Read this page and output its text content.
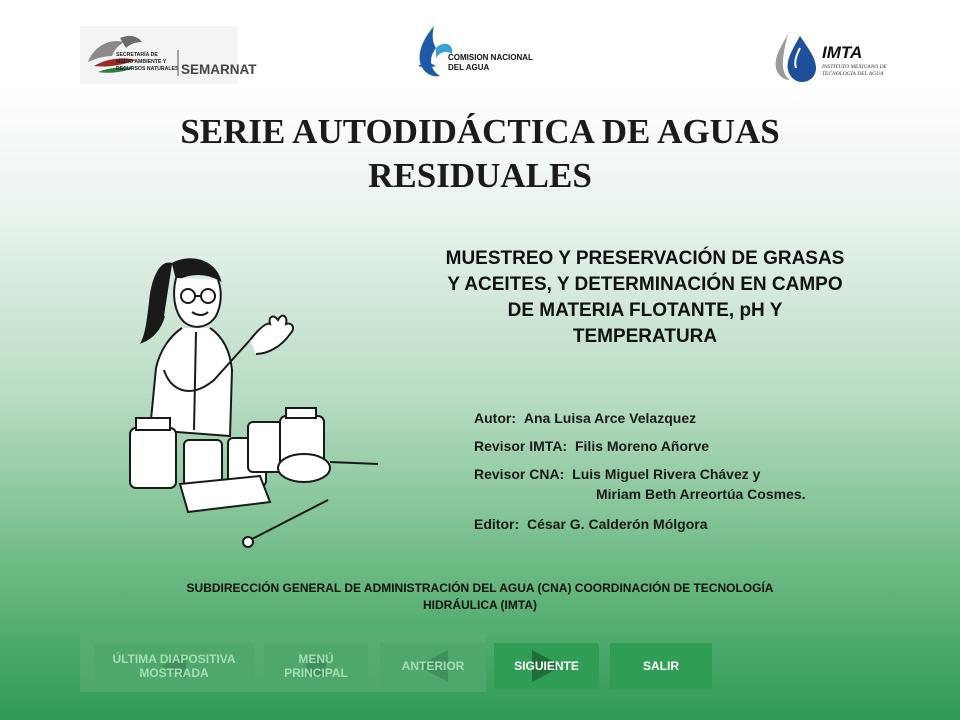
SECRETARÍA DE
MEDIO AMBIENTE Y
RECURSOS NATURALES SEMARNAT
COMISION NACIONAL
DEL AGUA
IMTA
INSTITUTO MEXICANO DE
TECNOLOGÍA DEL AGUA
SERIE AUTODIDÁCTICA DE AGUAS
RESIDUALES
MUESTREO Y PRESERVACIÓN DE GRASAS
Y ACEITES, Y DETERMINACIÓN EN CAMPO
DE MATERIA FLOTANTE, pH Y
TEMPERATURA
Autor: Ana Luisa Arce Velazquez
Revisor IMTA: Filis Moreno Añorve
Revisor CNA: Luis Miguel Rivera Chávez y
Miriam Beth Arreortúa Cosmes.
Editor: César G. Calderón Mólgora
SUBDIRECCIÓN GENERAL DE ADMINISTRACIÓN DEL AGUA (CNA) COORDINACIÓN DE TECNOLOGÍA
HIDRÁULICA (IMTA)
ÚLTIMA DIAPOSITIVA
MOSTRADA
MENÚ
PRINCIPAL	ANTERIOR	SIGUIENTE	SALIR
